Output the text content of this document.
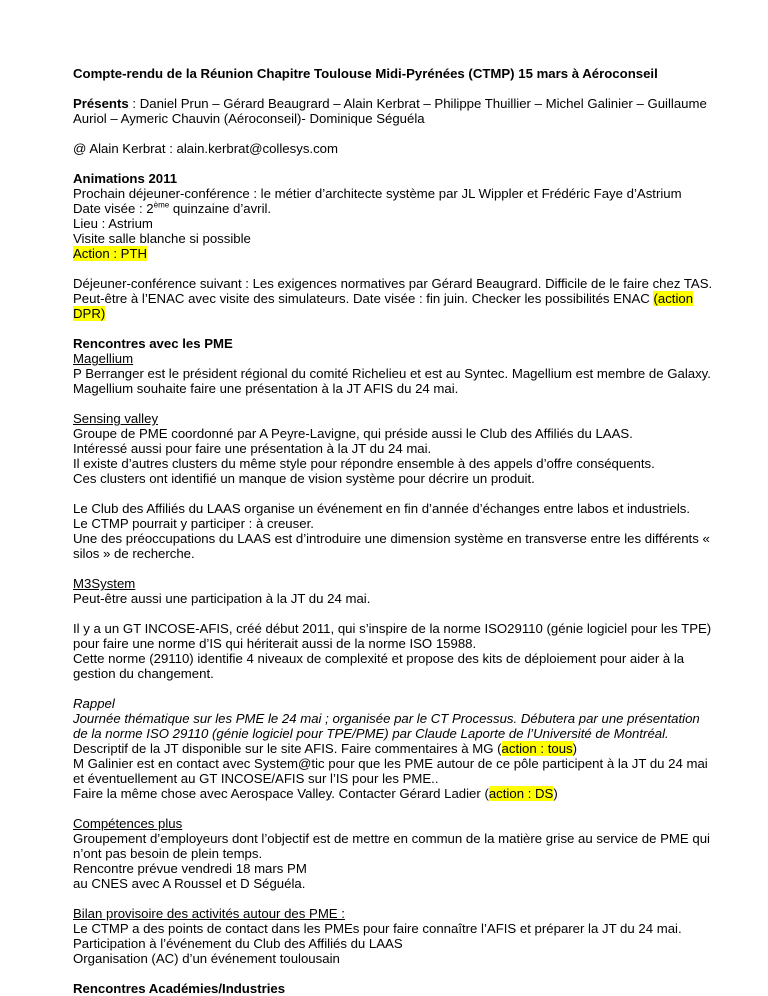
Compte-rendu de la Réunion Chapitre Toulouse Midi-Pyrénées (CTMP) 15 mars à Aéroconseil

Présents : Daniel Prun – Gérard Beaugrard – Alain Kerbrat – Philippe Thuillier – Michel Galinier – Guillaume Auriol – Aymeric Chauvin (Aéroconseil)- Dominique Séguéla

@ Alain Kerbrat : alain.kerbrat@collesys.com

Animations 2011

Prochain déjeuner-conférence : le métier d’architecte système par JL Wippler et Frédéric Faye d’Astrium

Date visée : 2ème quinzaine d’avril.

Lieu : Astrium

Visite salle blanche si possible

Action : PTH

Déjeuner-conférence suivant : Les exigences normatives par Gérard Beaugrard. Difficile de le faire chez TAS. Peut-être à l’ENAC avec visite des simulateurs. Date visée : fin juin. Checker les possibilités ENAC (action DPR)

Rencontres avec les PME

Magellium

P Berranger est le président régional du comité Richelieu et est au Syntec. Magellium est membre de Galaxy.

Magellium souhaite faire une présentation à la JT AFIS du 24 mai.

Sensing valley

Groupe de PME coordonné par A Peyre-Lavigne, qui préside aussi le Club des Affiliés du LAAS.

Intéressé aussi pour faire une présentation à la JT du 24 mai.

Il existe d’autres clusters du même style pour répondre ensemble à des appels d’offre conséquents.

Ces clusters ont identifié un manque de vision système pour décrire un produit.

Le Club des Affiliés du LAAS organise un événement en fin d’année d’échanges entre labos et industriels.

Le CTMP pourrait y participer : à creuser.

Une des préoccupations du LAAS est d’introduire une dimension système en transverse entre les différents « silos » de recherche.

M3System

Peut-être aussi une participation à la JT du 24 mai.

Il y a un GT INCOSE-AFIS, créé début 2011, qui s’inspire de la norme ISO29110 (génie logiciel pour les TPE) pour faire une norme d’IS qui hériterait aussi de la norme ISO 15988.

Cette norme (29110) identifie 4 niveaux de complexité et propose des kits de déploiement pour aider à la gestion du changement.

Rappel

Journée thématique sur les PME le 24 mai ; organisée par le CT Processus. Débutera par une présentation de la norme ISO 29110 (génie logiciel pour TPE/PME) par Claude Laporte de l’Université de Montréal.

Descriptif de la JT disponible sur le site AFIS. Faire commentaires à MG (action : tous)

M Galinier est en contact avec System@tic pour que les PME autour de ce pôle participent à la JT du 24 mai et éventuellement au GT INCOSE/AFIS sur l’IS pour les PME..

Faire la même chose avec Aerospace Valley. Contacter Gérard Ladier (action : DS)

Compétences plus

Groupement d’employeurs dont l’objectif est de mettre en commun de la matière grise au service de PME qui n’ont pas besoin de plein temps.

Rencontre prévue vendredi 18 mars PM

au CNES avec A Roussel et D Séguéla.

Bilan provisoire des activités autour des PME :

Le CTMP a des points de contact dans les PMEs pour faire connaître l’AFIS et préparer la JT du 24 mai.

Participation à l’événement du Club des Affiliés du LAAS

Organisation (AC) d’un événement toulousain

Rencontres Académies/Industries
